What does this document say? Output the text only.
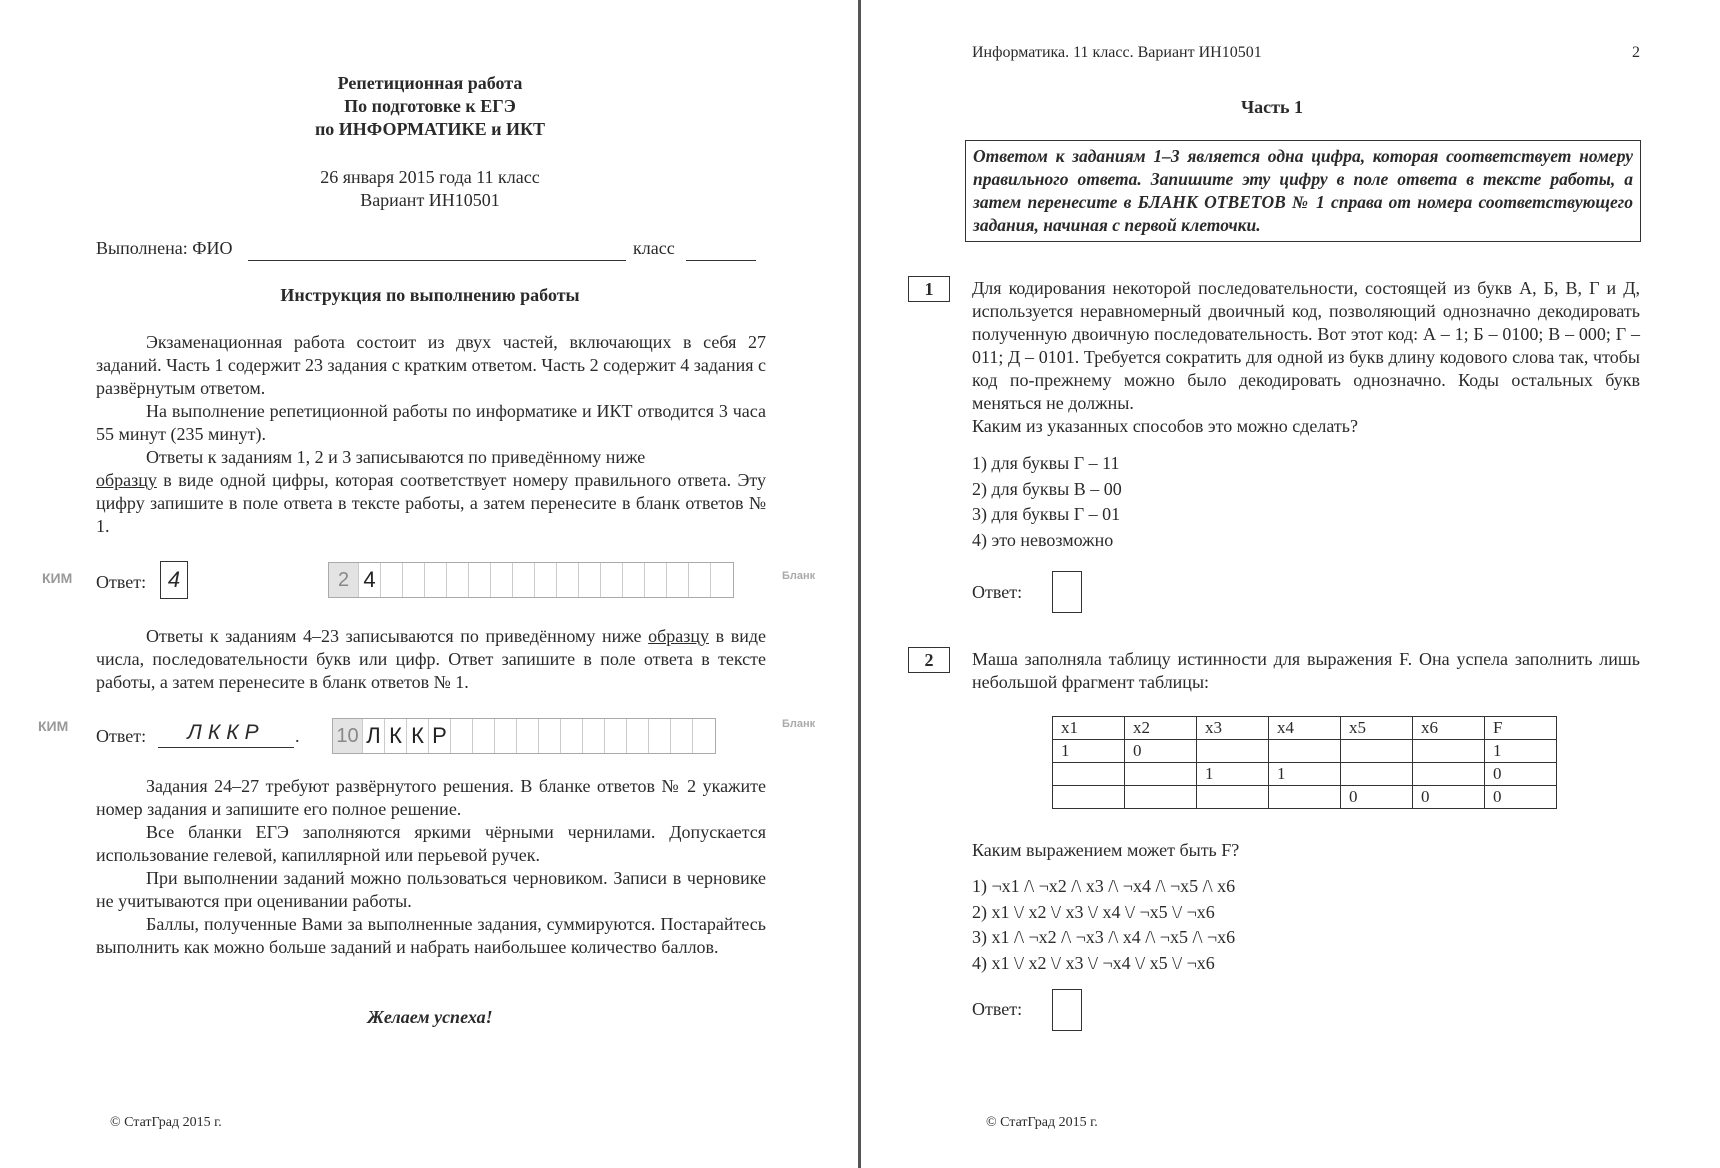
Репетиционная работа
По подготовке к ЕГЭ
по ИНФОРМАТИКЕ и ИКТ
26 января 2015 года 11 класс
Вариант ИН10501
Выполнена: ФИО	класс
Инструкция по выполнению работы

Экзаменационная работа состоит из двух частей, включающих в себя 27 заданий. Часть 1 содержит 23 задания с кратким ответом. Часть 2 содержит 4 задания с развёрнутым ответом.

На выполнение репетиционной работы по информатике и ИКТ отводится 3 часа 55 минут (235 минут).

Ответы к заданиям 1, 2 и 3 записываются по приведённому ниже
образцу в виде одной цифры, которая соответствует номеру правильного ответа. Эту цифру запишите в поле ответа в тексте работы, а затем перенесите в бланк ответов № 1.

КИМ Ответ: 4	2 4	Бланк

Ответы к заданиям 4–23 записываются по приведённому ниже образцу в виде числа, последовательности букв или цифр. Ответ запишите в поле ответа в тексте работы, а затем перенесите в бланк ответов № 1.

КИМ Ответ:	ЛККР	. 10 Л К К Р	Бланк

Задания 24–27 требуют развёрнутого решения. В бланке ответов № 2 укажите номер задания и запишите его полное решение.

Все бланки ЕГЭ заполняются яркими чёрными чернилами. Допускается использование гелевой, капиллярной или перьевой ручек.

При выполнении заданий можно пользоваться черновиком. Записи в черновике не учитываются при оценивании работы.

Баллы, полученные Вами за выполненные задания, суммируются. Постарайтесь выполнить как можно больше заданий и набрать наибольшее количество баллов.

Желаем успеха!
© СтатГрад 2015 г.
Информатика. 11 класс. Вариант ИН10501	2
Часть 1
Ответом к заданиям 1–3 является одна цифра, которая соответствует номеру правильного ответа. Запишите эту цифру в поле ответа в тексте работы, а затем перенесите в БЛАНК ОТВЕТОВ № 1 справа от номера соответствующего задания, начиная с первой клеточки.
1	Для кодирования некоторой последовательности, состоящей из букв А, Б, В, Г и Д, используется неравномерный двоичный код, позволяющий однозначно декодировать полученную двоичную последовательность. Вот этот код: А – 1; Б – 0100; В – 000; Г – 011; Д – 0101. Требуется сократить для одной из букв длину кодового слова так, чтобы код по-прежнему можно было декодировать однозначно. Коды остальных букв меняться не должны.
Каким из указанных способов это можно сделать?
1) для буквы Г – 11
2) для буквы В – 00
3) для буквы Г – 01
4) это невозможно
Ответ:
2	Маша заполняла таблицу истинности для выражения F. Она успела заполнить лишь небольшой фрагмент таблицы:
x1	x2	x3	x4	x5	x6	F
1	0					1
		1	1			0
				0	0	0
Каким выражением может быть F?
1) ¬x1 /\ ¬x2 /\ x3 /\ ¬x4 /\ ¬x5 /\ x6
2) x1 \/ x2 \/ x3 \/ x4 \/ ¬x5 \/ ¬x6
3) x1 /\ ¬x2 /\ ¬x3 /\ x4 /\ ¬x5 /\ ¬x6
4) x1 \/ x2 \/ x3 \/ ¬x4 \/ x5 \/ ¬x6
Ответ:
© СтатГрад 2015 г.
